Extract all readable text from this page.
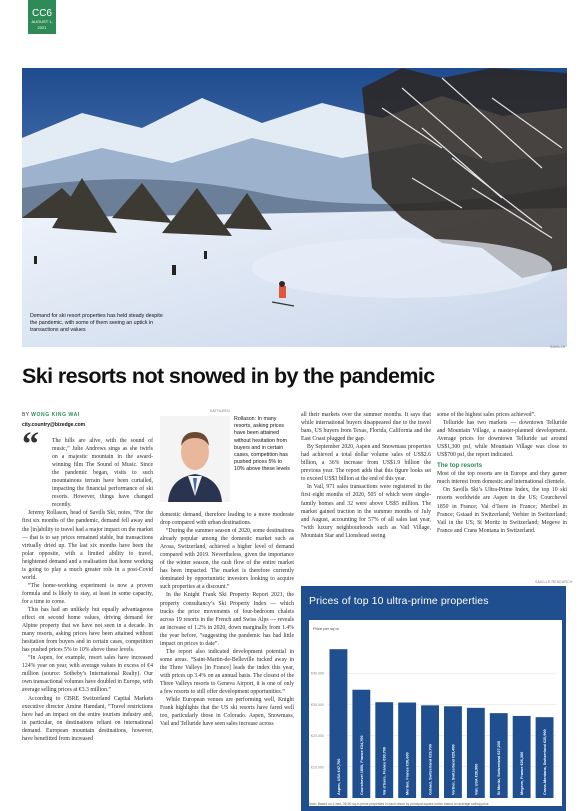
CC6
AUGUST 1, 2021
SAVILLS
Demand for ski resort properties has held steady despite the pandemic, with some of them seeing an uptick in transactions and values
Ski resorts not snowed in by the pandemic
BY WONG KING WAI
city.country@bizedge.com
“	The hills are alive, with the sound of music,” Julie Andrews sings as she twirls on a majestic mountain in the award-winning film The Sound of Music. Since the pandemic began, visits to such mountainous terrain have been curtailed, impacting the financial performance of ski resorts. However, things have changed recently.

Jeremy Rollason, head of Savills Ski, notes, “For the first six months of the pandemic, demand fell away and the [in]ability to travel had a major impact on the market — that is to say prices remained stable, but transactions virtually dried up. The last six months have been the polar opposite, with a limited ability to travel, heightened demand and a realisation that home working is going to play a much greater role in a post-Covid world.

“The home-working experiment is now a proven formula and is likely to stay, at least in some capacity, for a time to come.

This has had an unlikely but equally advantageous effect on second home values, driving demand for Alpine property that we have not seen in a decade. In many resorts, asking prices have been attained without hesitation from buyers and in certain cases, competition has pushed prices 5% to 10% above these levels.

“In Aspen, for example, resort sales have increased 124% year on year, with average values in excess of €4 million (source: Sotheby’s International Realty). Our own transactional volumes have doubled in Europe, with average selling prices at €3.3 million.”

According to CBRE Switzerland Capital Markets executive director Amine Hamdani, “Travel restrictions have had an impact on the entire tourism industry and, in particular, on destinations reliant on international demand. European mountain destinations, however, have benefitted from increased

KATHLEEN
Rollason: In many resorts, asking prices have been attained without hesitation from buyers and in certain cases, competition has pushed prices 5% to 10% above these levels

domestic demand, therefore leading to a more moderate drop compared with urban destinations.

“During the summer season of 2020, some destinations already popular among the domestic market such as Arosa, Switzerland, achieved a higher level of demand compared with 2019. Nevertheless, given the importance of the winter season, the cash flow of the entire market has been impacted. The market is therefore currently dominated by opportunistic investors looking to acquire such properties at a discount.”

In the Knight Frank Ski Property Report 2021, the property consultancy’s Ski Property Index — which tracks the price movements of four-bedroom chalets across 19 resorts in the French and Swiss Alps — reveals an increase of 1.2% in 2020, down marginally from 1.4% the year before, “suggesting the pandemic has had little impact on prices to date”.

The report also indicated development potential in some areas. “Saint-Martin-de-Belleville tucked away in the Three Valleys [in France] leads the index this year, with prices up 3.4% on an annual basis. The closest of the Three Valleys resorts to Geneva Airport, it is one of only a few resorts to still offer development opportunities.”

While European venues are performing well, Knight Frank highlights that the US ski resorts have fared well too, particularly those in Colorado. Aspen, Snowmass, Vail and Telluride have seen sales increase across

all their markets over the summer months. It says that while international buyers disappeared due to the travel bans, US buyers from Texas, Florida, California and the East Coast plugged the gap.

By September 2020, Aspen and Snowmass properties had achieved a total dollar volume sales of US$2.6 billion, a 36% increase from US$1.9 billion the previous year. The report adds that this figure looks set to exceed US$3 billion at the end of this year.

In Vail, 971 sales transactions were registered in the first eight months of 2020, 505 of which were single-family homes and 32 were above US$5 million. The market gained traction in the summer months of July and August, accounting for 57% of all sales last year, “with luxury neighbourhoods such as Vail Village, Mountain Star and Lionshead seeing

some of the highest sales prices achieved”.

Telluride has two markets — downtown Telluride and Mountain Village, a master-planned development. Average prices for downtown Telluride sat around US$1,300 psf, while Mountain Village was close to US$700 psf, the report indicated.

The top resorts

Most of the top resorts are in Europe and they garner much interest from domestic and international clientele.

On Savills Ski’s Ultra-Prime Index, the top 10 ski resorts worldwide are Aspen in the US; Courchevel 1850 in France; Val d’Isere in France; Meribel in France; Gstaad in Switzerland; Verbier in Switzerland; Vail in the US; St Moritz in Switzerland; Megeve in France and Crans Montana in Switzerland.

SAVILLS RESEARCH
Prices of top 10 ultra-prime properties
Price per sq m
€40,000
€30,000
€20,000
€10,000	Aspen, USA €47,700	Courchevel 1850, France €34,700	Val d'Isere, France €30,700	Meribel, France €30,600	Gstaad, Switzerland €29,700	Verbier, Switzerland €29,400	Vail, USA €28,900	St Moritz, Switzerland €27,200	Megeve, France €26,300	Crans-Montana, Switzerland €25,900
Note: Based on 4-bed, 35-50 sq m prime properties in each resort by principal square metre based on average selling price
